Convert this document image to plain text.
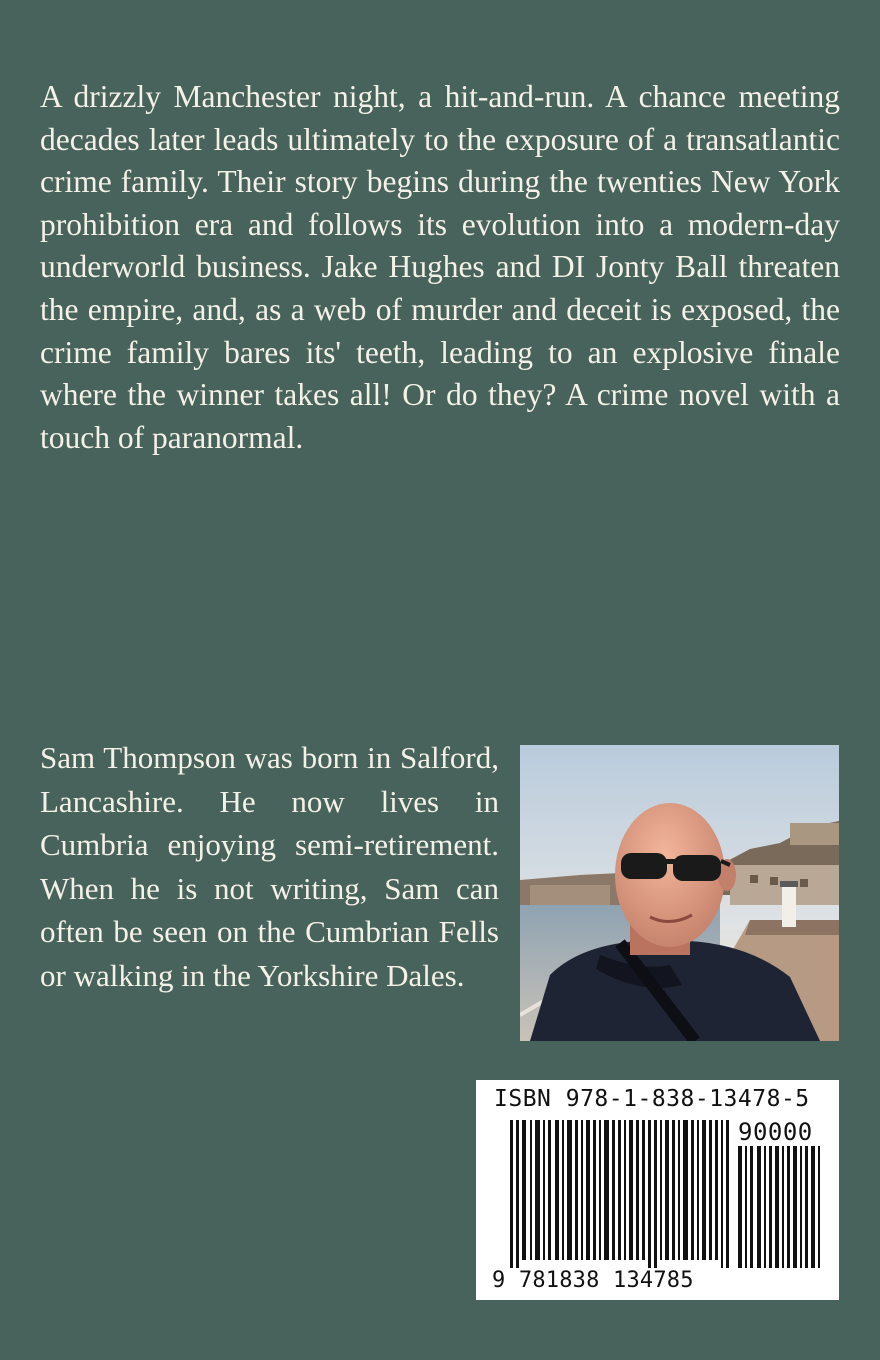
A drizzly Manchester night, a hit-and-run. A chance meeting decades later leads ultimately to the exposure of a transatlantic crime family. Their story begins during the twenties New York prohibition era and follows its evolution into a modern-day underworld business. Jake Hughes and DI Jonty Ball threaten the empire, and, as a web of murder and deceit is exposed, the crime family bares its' teeth, leading to an explosive finale where the winner takes all! Or do they? A crime novel with a touch of paranormal.

Sam Thompson was born in Salford, Lancashire. He now lives in Cumbria enjoying semi-retirement. When he is not writing, Sam can often be seen on the Cumbrian Fells or walking in the Yorkshire Dales.

ISBN 978-1-838-13478-5
90000
9 781838 134785
